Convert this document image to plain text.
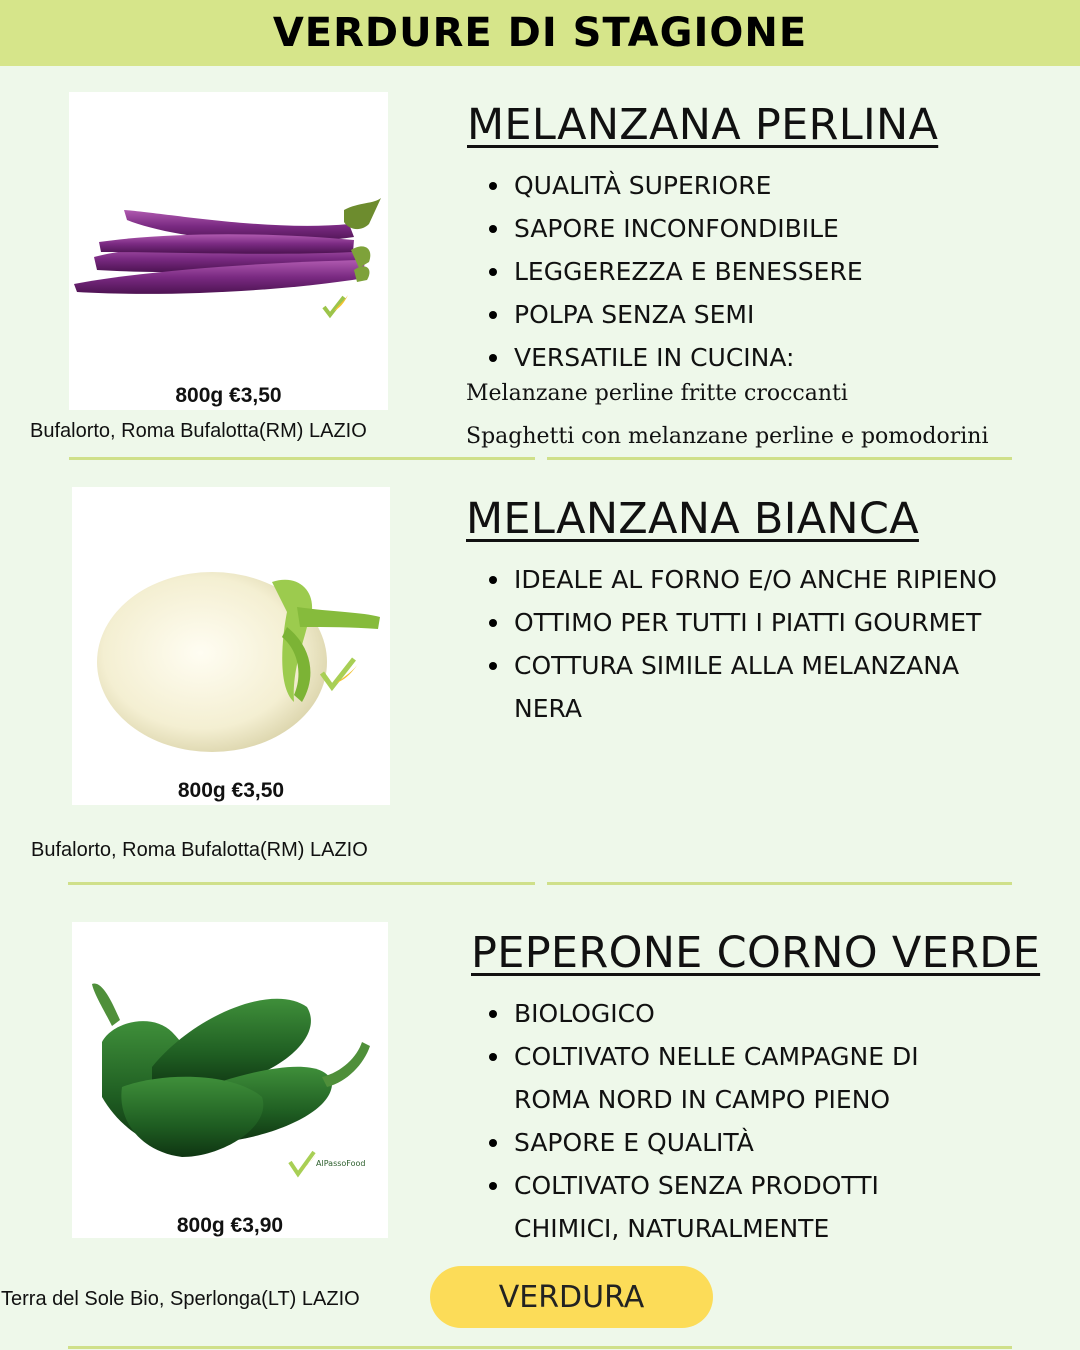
VERDURE DI STAGIONE
800g €3,50
Bufalorto, Roma Bufalotta(RM) LAZIO
MELANZANA PERLINA
QUALITÀ SUPERIORE
SAPORE INCONFONDIBILE
LEGGEREZZA E BENESSERE
POLPA SENZA SEMI
VERSATILE IN CUCINA:
Melanzane perline fritte croccanti
Spaghetti con melanzane perline e pomodorini
800g €3,50
Bufalorto, Roma Bufalotta(RM) LAZIO
MELANZANA BIANCA
IDEALE AL FORNO E/O ANCHE RIPIENO
OTTIMO PER TUTTI I PIATTI GOURMET
COTTURA SIMILE ALLA MELANZANA
NERA
AlPassoFood
800g €3,90
Terra del Sole Bio, Sperlonga(LT) LAZIO
PEPERONE CORNO VERDE
BIOLOGICO
COLTIVATO NELLE CAMPAGNE DI
ROMA NORD IN CAMPO PIENO
SAPORE E QUALITÀ
COLTIVATO SENZA PRODOTTI
CHIMICI, NATURALMENTE
VERDURA
